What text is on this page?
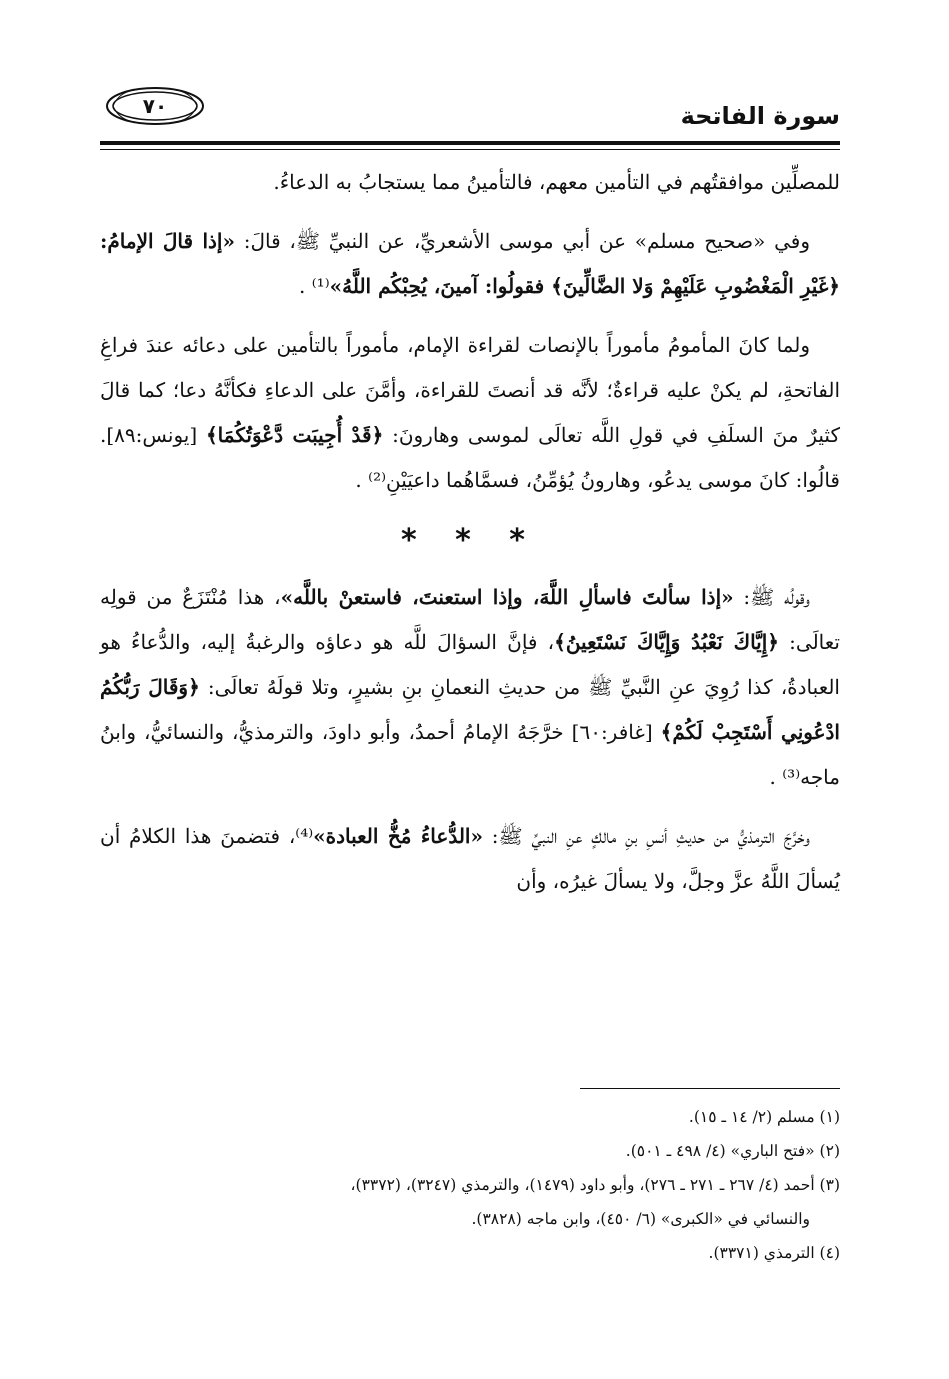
سورة الفاتحة
٧٠

للمصلِّين موافقتُهم في التأمين معهم، فالتأمينُ مما يستجابُ به الدعاءُ.

وفي «صحيح مسلم» عن أبي موسى الأشعريِّ، عن النبيِّ ﷺ، قالَ: «إذا قالَ الإمامُ: ﴿غَيْرِ الْمَغْضُوبِ عَلَيْهِمْ وَلا الضَّالِّينَ﴾ فقولُوا: آمينَ، يُحِبْكُم اللَّهُ»⁽¹⁾ .

ولما كانَ المأمومُ مأموراً بالإنصات لقراءة الإمام، مأموراً بالتأمين على دعائه عندَ فراغِ الفاتحةِ، لم يكنْ عليه قراءةٌ؛ لأنَّه قد أنصتَ للقراءة، وأمَّنَ على الدعاءِ فكأنَّهُ دعا؛ كما قالَ كثيرٌ منَ السلَفِ في قولِ اللَّه تعالَى لموسى وهارونَ: ﴿قَدْ أُجِيبَت دَّعْوَتُكُمَا﴾ [يونس:٨٩]. قالُوا: كانَ موسى يدعُو، وهارونُ يُؤمِّنُ، فسمَّاهُما داعيَيْنِ⁽²⁾ .

* * *

وقولُه ﷺ: «إذا سألتَ فاسألِ اللَّهَ، وإذا استعنتَ، فاستعنْ باللَّه»، هذا مُنْتَزَعٌ من قولِه تعالَى: ﴿إِيَّاكَ نَعْبُدُ وَإِيَّاكَ نَسْتَعِينُ﴾، فإنَّ السؤالَ للَّه هو دعاؤه والرغبةُ إليه، والدُّعاءُ هو العبادةُ، كذا رُوِيَ عنِ النَّبيِّ ﷺ من حديثِ النعمانِ بنِ بشيرٍ، وتلا قولَهُ تعالَى: ﴿وَقَالَ رَبُّكُمُ ادْعُونِي أَسْتَجِبْ لَكُمْ﴾ [غافر:٦٠] خرَّجَهُ الإمامُ أحمدُ، وأبو داودَ، والترمذيُّ، والنسائيُّ، وابنُ ماجه⁽³⁾ .

وخرَّجَ الترمذيُّ من حديثِ أنسِ بنِ مالكٍ عنِ النبيِّ ﷺ: «الدُّعاءُ مُخُّ العبادة»⁽⁴⁾، فتضمنَ هذا الكلامُ أن يُسألَ اللَّهُ عزَّ وجلَّ، ولا يسألَ غيرُه، وأن

(١) مسلم (٢/ ١٤ ـ ١٥).

(٢) «فتح الباري» (٤/ ٤٩٨ ـ ٥٠١).

(٣) أحمد (٤/ ٢٦٧ ـ ٢٧١ ـ ٢٧٦)، وأبو داود (١٤٧٩)، والترمذي (٣٢٤٧)، (٣٣٧٢)،

والنسائي في «الكبرى» (٦/ ٤٥٠)، وابن ماجه (٣٨٢٨).

(٤) الترمذي (٣٣٧١).
